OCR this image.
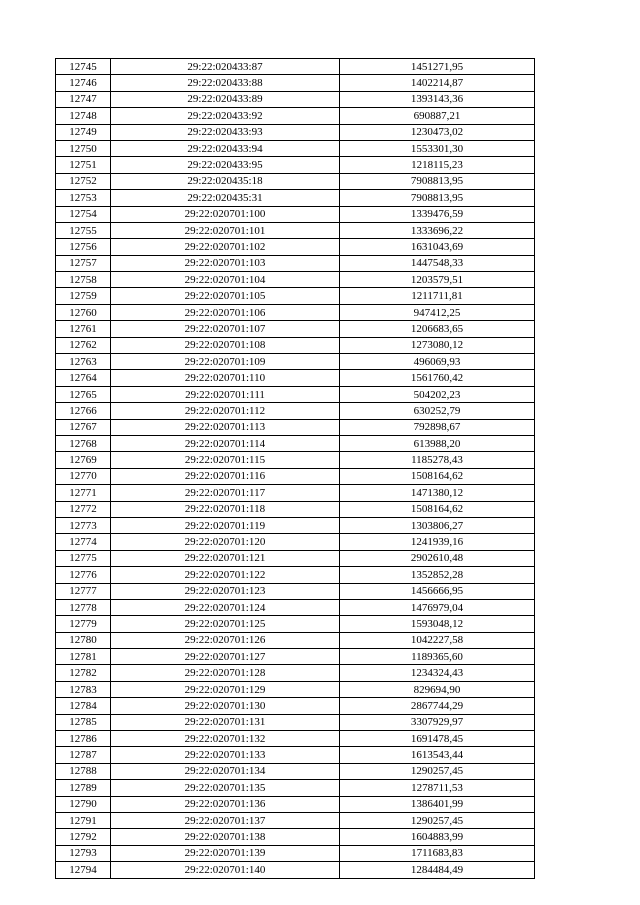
12745	29:22:020433:87	1451271,95
12746	29:22:020433:88	1402214,87
12747	29:22:020433:89	1393143,36
12748	29:22:020433:92	690887,21
12749	29:22:020433:93	1230473,02
12750	29:22:020433:94	1553301,30
12751	29:22:020433:95	1218115,23
12752	29:22:020435:18	7908813,95
12753	29:22:020435:31	7908813,95
12754	29:22:020701:100	1339476,59
12755	29:22:020701:101	1333696,22
12756	29:22:020701:102	1631043,69
12757	29:22:020701:103	1447548,33
12758	29:22:020701:104	1203579,51
12759	29:22:020701:105	1211711,81
12760	29:22:020701:106	947412,25
12761	29:22:020701:107	1206683,65
12762	29:22:020701:108	1273080,12
12763	29:22:020701:109	496069,93
12764	29:22:020701:110	1561760,42
12765	29:22:020701:111	504202,23
12766	29:22:020701:112	630252,79
12767	29:22:020701:113	792898,67
12768	29:22:020701:114	613988,20
12769	29:22:020701:115	1185278,43
12770	29:22:020701:116	1508164,62
12771	29:22:020701:117	1471380,12
12772	29:22:020701:118	1508164,62
12773	29:22:020701:119	1303806,27
12774	29:22:020701:120	1241939,16
12775	29:22:020701:121	2902610,48
12776	29:22:020701:122	1352852,28
12777	29:22:020701:123	1456666,95
12778	29:22:020701:124	1476979,04
12779	29:22:020701:125	1593048,12
12780	29:22:020701:126	1042227,58
12781	29:22:020701:127	1189365,60
12782	29:22:020701:128	1234324,43
12783	29:22:020701:129	829694,90
12784	29:22:020701:130	2867744,29
12785	29:22:020701:131	3307929,97
12786	29:22:020701:132	1691478,45
12787	29:22:020701:133	1613543,44
12788	29:22:020701:134	1290257,45
12789	29:22:020701:135	1278711,53
12790	29:22:020701:136	1386401,99
12791	29:22:020701:137	1290257,45
12792	29:22:020701:138	1604883,99
12793	29:22:020701:139	1711683,83
12794	29:22:020701:140	1284484,49
